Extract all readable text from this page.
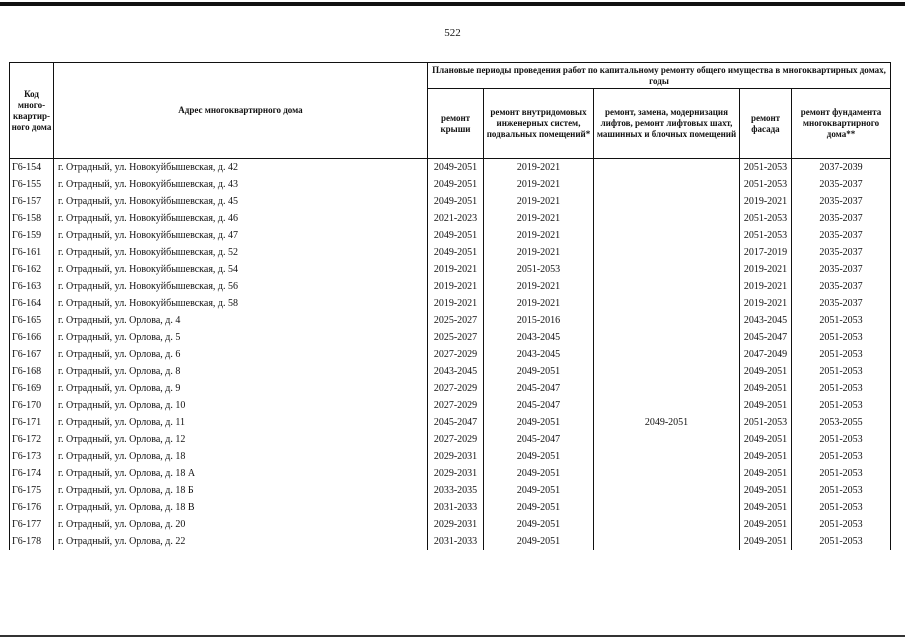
522
Код много-квартир-ного дома	Адрес многоквартирного дома	Плановые периоды проведения работ по капитальному ремонту общего имущества в многоквартирных домах, годы				
		ремонт крыши	ремонт внутридомовых инженерных систем, подвальных помещений*	ремонт, замена, модернизация лифтов, ремонт лифтовых шахт, машинных и блочных помещений	ремонт фасада	ремонт фундамента многоквартирного дома**
Г6-154	г. Отрадный, ул. Новокуйбышевская, д. 42	2049-2051	2019-2021		2051-2053	2037-2039
Г6-155	г. Отрадный, ул. Новокуйбышевская, д. 43	2049-2051	2019-2021		2051-2053	2035-2037
Г6-157	г. Отрадный, ул. Новокуйбышевская, д. 45	2049-2051	2019-2021		2019-2021	2035-2037
Г6-158	г. Отрадный, ул. Новокуйбышевская, д. 46	2021-2023	2019-2021		2051-2053	2035-2037
Г6-159	г. Отрадный, ул. Новокуйбышевская, д. 47	2049-2051	2019-2021		2051-2053	2035-2037
Г6-161	г. Отрадный, ул. Новокуйбышевская, д. 52	2049-2051	2019-2021		2017-2019	2035-2037
Г6-162	г. Отрадный, ул. Новокуйбышевская, д. 54	2019-2021	2051-2053		2019-2021	2035-2037
Г6-163	г. Отрадный, ул. Новокуйбышевская, д. 56	2019-2021	2019-2021		2019-2021	2035-2037
Г6-164	г. Отрадный, ул. Новокуйбышевская, д. 58	2019-2021	2019-2021		2019-2021	2035-2037
Г6-165	г. Отрадный, ул. Орлова, д. 4	2025-2027	2015-2016		2043-2045	2051-2053
Г6-166	г. Отрадный, ул. Орлова, д. 5	2025-2027	2043-2045		2045-2047	2051-2053
Г6-167	г. Отрадный, ул. Орлова, д. 6	2027-2029	2043-2045		2047-2049	2051-2053
Г6-168	г. Отрадный, ул. Орлова, д. 8	2043-2045	2049-2051		2049-2051	2051-2053
Г6-169	г. Отрадный, ул. Орлова, д. 9	2027-2029	2045-2047		2049-2051	2051-2053
Г6-170	г. Отрадный, ул. Орлова, д. 10	2027-2029	2045-2047		2049-2051	2051-2053
Г6-171	г. Отрадный, ул. Орлова, д. 11	2045-2047	2049-2051	2049-2051	2051-2053	2053-2055
Г6-172	г. Отрадный, ул. Орлова, д. 12	2027-2029	2045-2047		2049-2051	2051-2053
Г6-173	г. Отрадный, ул. Орлова, д. 18	2029-2031	2049-2051		2049-2051	2051-2053
Г6-174	г. Отрадный, ул. Орлова, д. 18 А	2029-2031	2049-2051		2049-2051	2051-2053
Г6-175	г. Отрадный, ул. Орлова, д. 18 Б	2033-2035	2049-2051		2049-2051	2051-2053
Г6-176	г. Отрадный, ул. Орлова, д. 18 В	2031-2033	2049-2051		2049-2051	2051-2053
Г6-177	г. Отрадный, ул. Орлова, д. 20	2029-2031	2049-2051		2049-2051	2051-2053
Г6-178	г. Отрадный, ул. Орлова, д. 22	2031-2033	2049-2051		2049-2051	2051-2053
